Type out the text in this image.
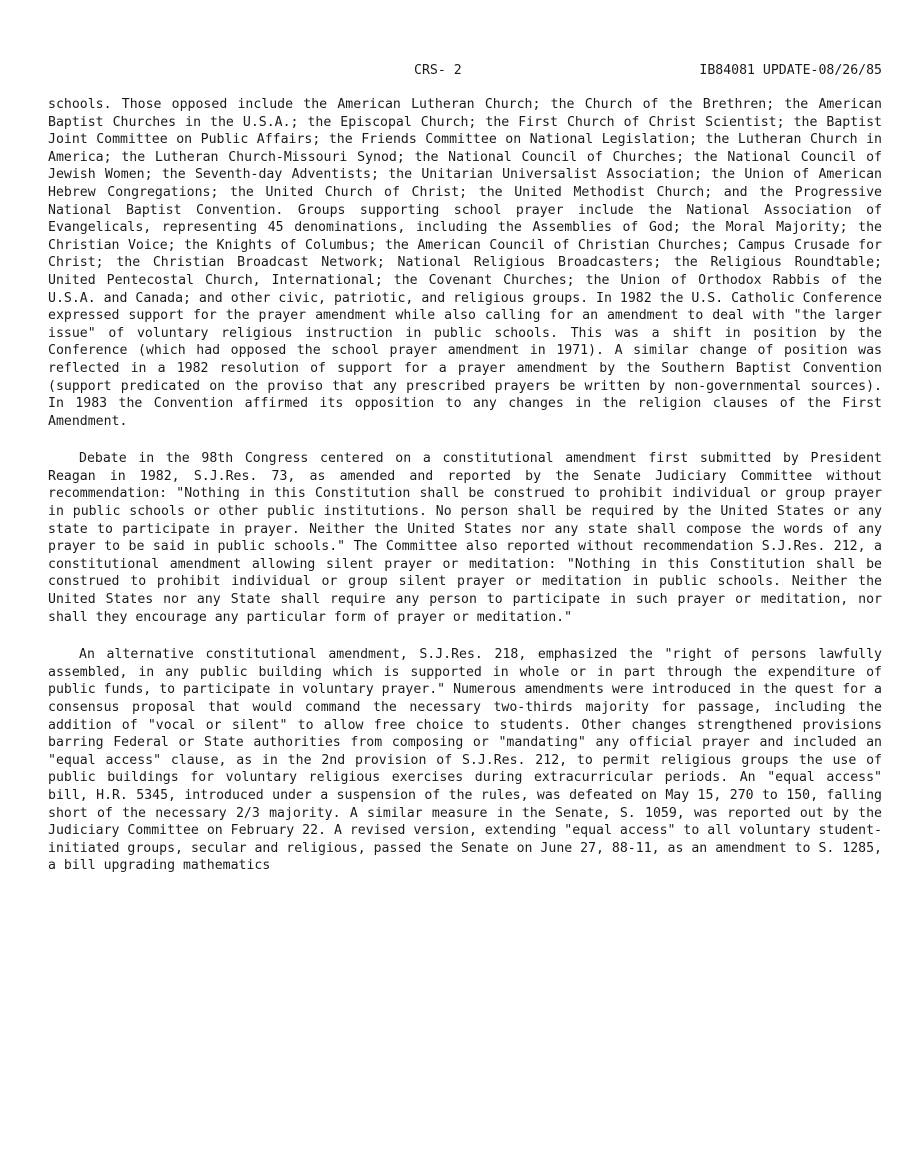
CRS- 2	IB84081 UPDATE-08/26/85

schools. Those opposed include the American Lutheran Church; the Church of the Brethren; the American Baptist Churches in the U.S.A.; the Episcopal Church; the First Church of Christ Scientist; the Baptist Joint Committee on Public Affairs; the Friends Committee on National Legislation; the Lutheran Church in America; the Lutheran Church-Missouri Synod; the National Council of Churches; the National Council of Jewish Women; the Seventh-day Adventists; the Unitarian Universalist Association; the Union of American Hebrew Congregations; the United Church of Christ; the United Methodist Church; and the Progressive National Baptist Convention. Groups supporting school prayer include the National Association of Evangelicals, representing 45 denominations, including the Assemblies of God; the Moral Majority; the Christian Voice; the Knights of Columbus; the American Council of Christian Churches; Campus Crusade for Christ; the Christian Broadcast Network; National Religious Broadcasters; the Religious Roundtable; United Pentecostal Church, International; the Covenant Churches; the Union of Orthodox Rabbis of the U.S.A. and Canada; and other civic, patriotic, and religious groups. In 1982 the U.S. Catholic Conference expressed support for the prayer amendment while also calling for an amendment to deal with "the larger issue" of voluntary religious instruction in public schools. This was a shift in position by the Conference (which had opposed the school prayer amendment in 1971). A similar change of position was reflected in a 1982 resolution of support for a prayer amendment by the Southern Baptist Convention (support predicated on the proviso that any prescribed prayers be written by non-governmental sources). In 1983 the Convention affirmed its opposition to any changes in the religion clauses of the First Amendment.

Debate in the 98th Congress centered on a constitutional amendment first submitted by President Reagan in 1982, S.J.Res. 73, as amended and reported by the Senate Judiciary Committee without recommendation: "Nothing in this Constitution shall be construed to prohibit individual or group prayer in public schools or other public institutions. No person shall be required by the United States or any state to participate in prayer. Neither the United States nor any state shall compose the words of any prayer to be said in public schools." The Committee also reported without recommendation S.J.Res. 212, a constitutional amendment allowing silent prayer or meditation: "Nothing in this Constitution shall be construed to prohibit individual or group silent prayer or meditation in public schools. Neither the United States nor any State shall require any person to participate in such prayer or meditation, nor shall they encourage any particular form of prayer or meditation."

An alternative constitutional amendment, S.J.Res. 218, emphasized the "right of persons lawfully assembled, in any public building which is supported in whole or in part through the expenditure of public funds, to participate in voluntary prayer." Numerous amendments were introduced in the quest for a consensus proposal that would command the necessary two-thirds majority for passage, including the addition of "vocal or silent" to allow free choice to students. Other changes strengthened provisions barring Federal or State authorities from composing or "mandating" any official prayer and included an "equal access" clause, as in the 2nd provision of S.J.Res. 212, to permit religious groups the use of public buildings for voluntary religious exercises during extracurricular periods. An "equal access" bill, H.R. 5345, introduced under a suspension of the rules, was defeated on May 15, 270 to 150, falling short of the necessary 2/3 majority. A similar measure in the Senate, S. 1059, was reported out by the Judiciary Committee on February 22. A revised version, extending "equal access" to all voluntary student-initiated groups, secular and religious, passed the Senate on June 27, 88-11, as an amendment to S. 1285, a bill upgrading mathematics
